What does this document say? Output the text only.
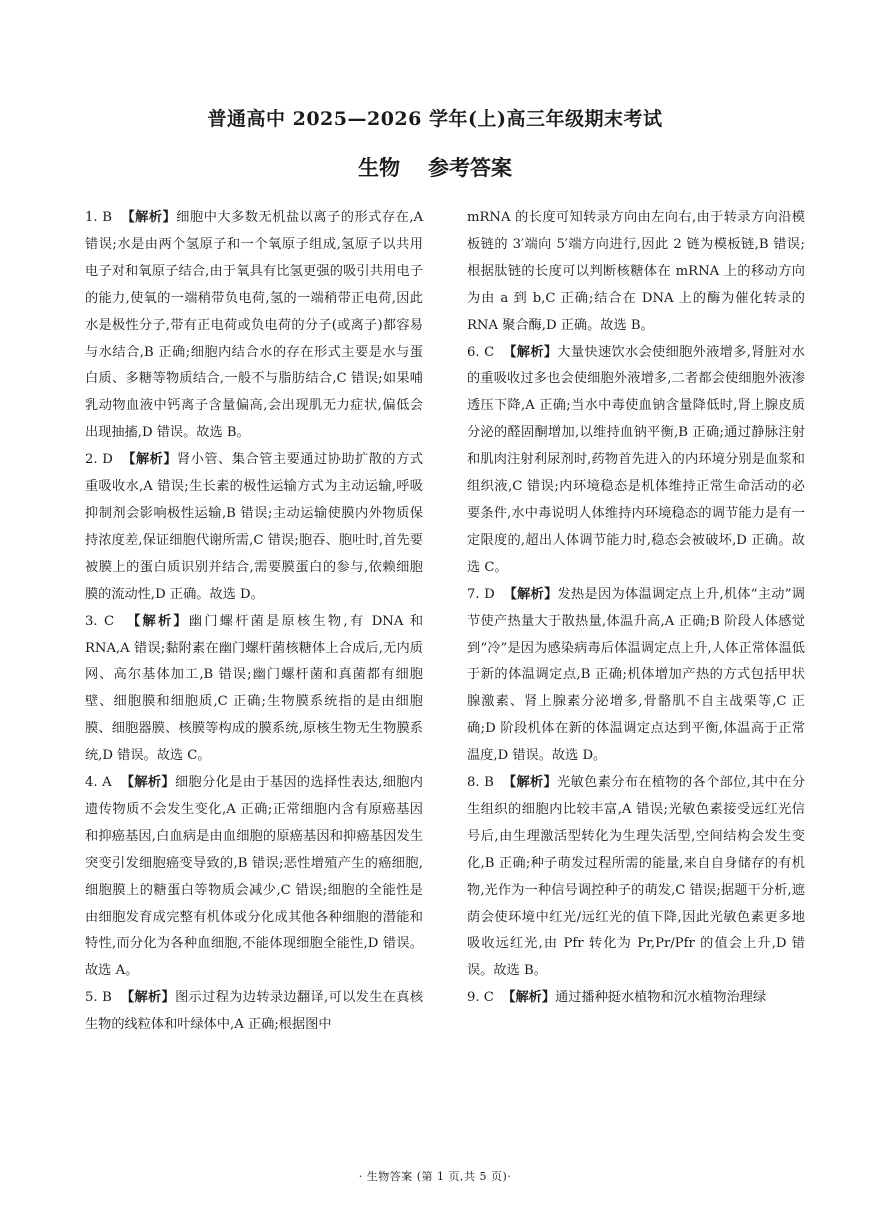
普通高中 2025—2026 学年(上)高三年级期末考试
生物 参考答案

1. B 【解析】细胞中大多数无机盐以离子的形式存在,A 错误;水是由两个氢原子和一个氧原子组成,氢原子以共用电子对和氧原子结合,由于氧具有比氢更强的吸引共用电子的能力,使氧的一端稍带负电荷,氢的一端稍带正电荷,因此水是极性分子,带有正电荷或负电荷的分子(或离子)都容易与水结合,B 正确;细胞内结合水的存在形式主要是水与蛋白质、多糖等物质结合,一般不与脂肪结合,C 错误;如果哺乳动物血液中钙离子含量偏高,会出现肌无力症状,偏低会出现抽搐,D 错误。故选 B。

2. D 【解析】肾小管、集合管主要通过协助扩散的方式重吸收水,A 错误;生长素的极性运输方式为主动运输,呼吸抑制剂会影响极性运输,B 错误;主动运输使膜内外物质保持浓度差,保证细胞代谢所需,C 错误;胞吞、胞吐时,首先要被膜上的蛋白质识别并结合,需要膜蛋白的参与,依赖细胞膜的流动性,D 正确。故选 D。

3. C 【解析】幽门螺杆菌是原核生物,有 DNA 和 RNA,A 错误;黏附素在幽门螺杆菌核糖体上合成后,无内质网、高尔基体加工,B 错误;幽门螺杆菌和真菌都有细胞壁、细胞膜和细胞质,C 正确;生物膜系统指的是由细胞膜、细胞器膜、核膜等构成的膜系统,原核生物无生物膜系统,D 错误。故选 C。

4. A 【解析】细胞分化是由于基因的选择性表达,细胞内遗传物质不会发生变化,A 正确;正常细胞内含有原癌基因和抑癌基因,白血病是由血细胞的原癌基因和抑癌基因发生突变引发细胞癌变导致的,B 错误;恶性增殖产生的癌细胞,细胞膜上的糖蛋白等物质会减少,C 错误;细胞的全能性是由细胞发育成完整有机体或分化成其他各种细胞的潜能和特性,而分化为各种血细胞,不能体现细胞全能性,D 错误。故选 A。

5. B 【解析】图示过程为边转录边翻译,可以发生在真核生物的线粒体和叶绿体中,A 正确;根据图中

mRNA 的长度可知转录方向由左向右,由于转录方向沿模板链的 3′端向 5′端方向进行,因此 2 链为模板链,B 错误;根据肽链的长度可以判断核糖体在 mRNA 上的移动方向为由 a 到 b,C 正确;结合在 DNA 上的酶为催化转录的 RNA 聚合酶,D 正确。故选 B。

6. C 【解析】大量快速饮水会使细胞外液增多,肾脏对水的重吸收过多也会使细胞外液增多,二者都会使细胞外液渗透压下降,A 正确;当水中毒使血钠含量降低时,肾上腺皮质分泌的醛固酮增加,以维持血钠平衡,B 正确;通过静脉注射和肌肉注射利尿剂时,药物首先进入的内环境分别是血浆和组织液,C 错误;内环境稳态是机体维持正常生命活动的必要条件,水中毒说明人体维持内环境稳态的调节能力是有一定限度的,超出人体调节能力时,稳态会被破坏,D 正确。故选 C。

7. D 【解析】发热是因为体温调定点上升,机体“主动”调节使产热量大于散热量,体温升高,A 正确;B 阶段人体感觉到“冷”是因为感染病毒后体温调定点上升,人体正常体温低于新的体温调定点,B 正确;机体增加产热的方式包括甲状腺激素、肾上腺素分泌增多,骨骼肌不自主战栗等,C 正确;D 阶段机体在新的体温调定点达到平衡,体温高于正常温度,D 错误。故选 D。

8. B 【解析】光敏色素分布在植物的各个部位,其中在分生组织的细胞内比较丰富,A 错误;光敏色素接受远红光信号后,由生理激活型转化为生理失活型,空间结构会发生变化,B 正确;种子萌发过程所需的能量,来自自身储存的有机物,光作为一种信号调控种子的萌发,C 错误;据题干分析,遮荫会使环境中红光/远红光的值下降,因此光敏色素更多地吸收远红光,由 Pfr 转化为 Pr,Pr/Pfr 的值会上升,D 错误。故选 B。

9. C 【解析】通过播种挺水植物和沉水植物治理绿

· 生物答案 (第 1 页,共 5 页)·
